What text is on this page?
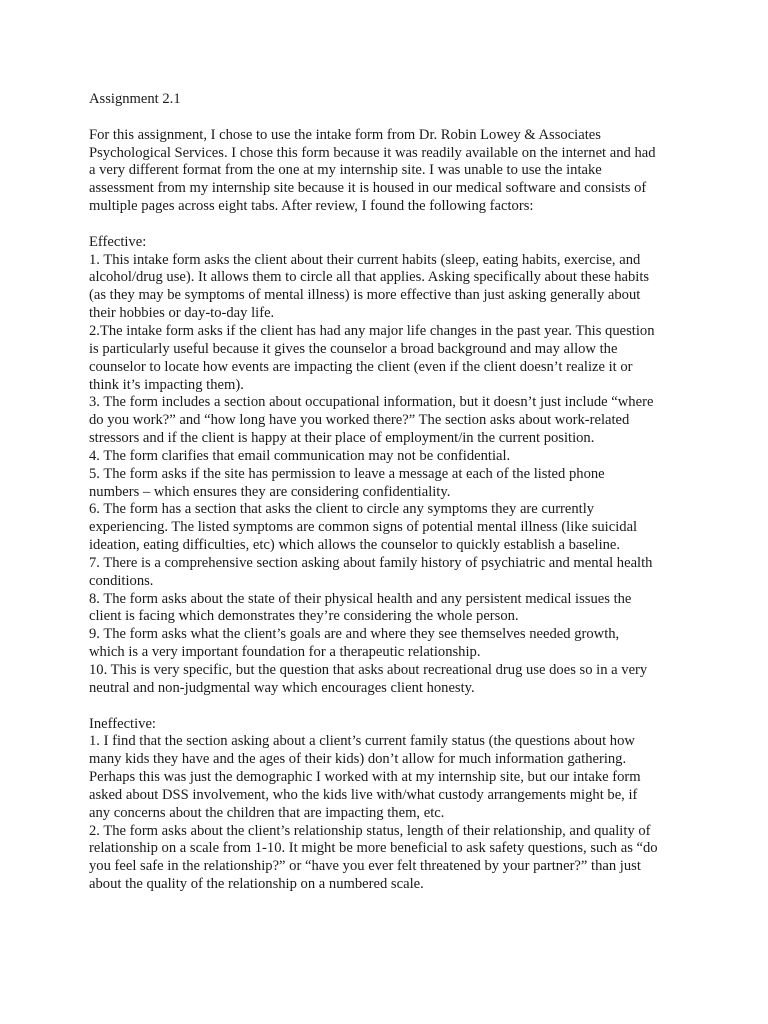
Assignment 2.1

For this assignment, I chose to use the intake form from Dr. Robin Lowey & Associates
Psychological Services. I chose this form because it was readily available on the internet and had
a very different format from the one at my internship site. I was unable to use the intake
assessment from my internship site because it is housed in our medical software and consists of
multiple pages across eight tabs. After review, I found the following factors:

Effective:

1. This intake form asks the client about their current habits (sleep, eating habits, exercise, and
alcohol/drug use). It allows them to circle all that applies. Asking specifically about these habits
(as they may be symptoms of mental illness) is more effective than just asking generally about
their hobbies or day-to-day life.
2.The intake form asks if the client has had any major life changes in the past year. This question
is particularly useful because it gives the counselor a broad background and may allow the
counselor to locate how events are impacting the client (even if the client doesn’t realize it or
think it’s impacting them).
3. The form includes a section about occupational information, but it doesn’t just include “where
do you work?” and “how long have you worked there?” The section asks about work-related
stressors and if the client is happy at their place of employment/in the current position.
4. The form clarifies that email communication may not be confidential.
5. The form asks if the site has permission to leave a message at each of the listed phone
numbers – which ensures they are considering confidentiality.
6. The form has a section that asks the client to circle any symptoms they are currently
experiencing. The listed symptoms are common signs of potential mental illness (like suicidal
ideation, eating difficulties, etc) which allows the counselor to quickly establish a baseline.
7. There is a comprehensive section asking about family history of psychiatric and mental health
conditions.
8. The form asks about the state of their physical health and any persistent medical issues the
client is facing which demonstrates they’re considering the whole person.
9. The form asks what the client’s goals are and where they see themselves needed growth,
which is a very important foundation for a therapeutic relationship.
10. This is very specific, but the question that asks about recreational drug use does so in a very
neutral and non-judgmental way which encourages client honesty.

Ineffective:

1. I find that the section asking about a client’s current family status (the questions about how
many kids they have and the ages of their kids) don’t allow for much information gathering.
Perhaps this was just the demographic I worked with at my internship site, but our intake form
asked about DSS involvement, who the kids live with/what custody arrangements might be, if
any concerns about the children that are impacting them, etc.
2. The form asks about the client’s relationship status, length of their relationship, and quality of
relationship on a scale from 1-10. It might be more beneficial to ask safety questions, such as “do
you feel safe in the relationship?” or “have you ever felt threatened by your partner?” than just
about the quality of the relationship on a numbered scale.
